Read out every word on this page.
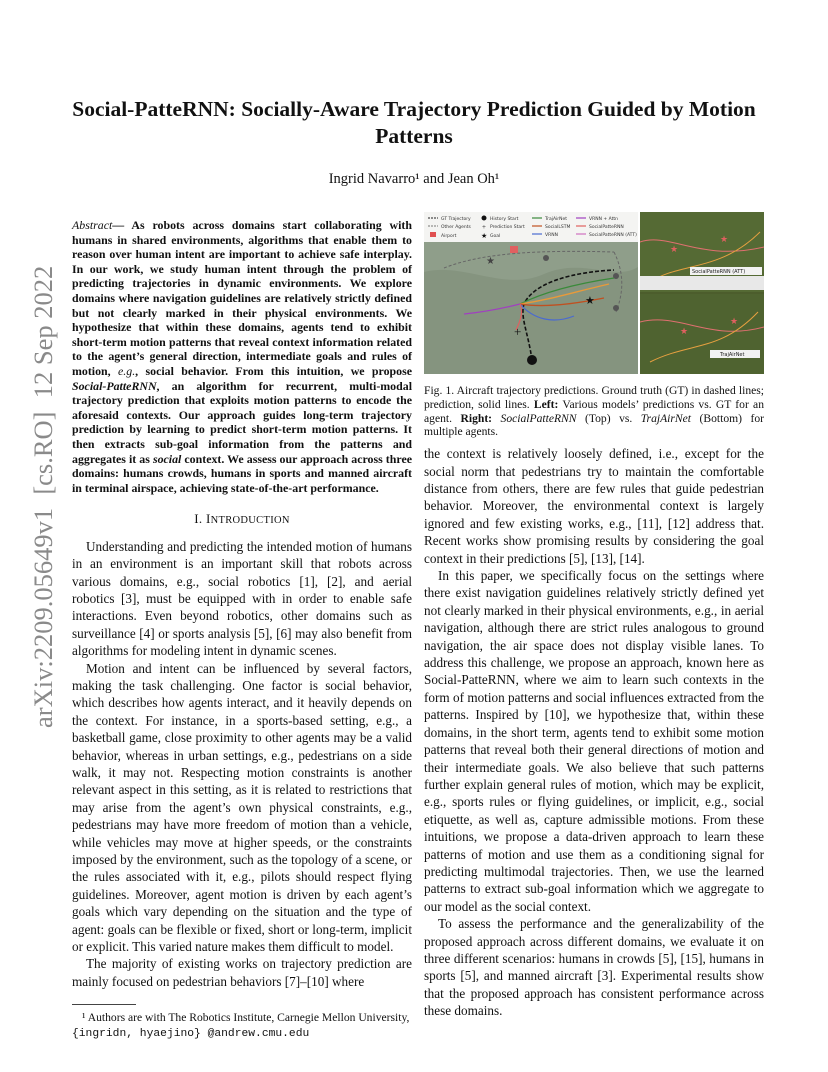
arXiv:2209.05649v1  [cs.RO]  12 Sep 2022
Social-PatteRNN: Socially-Aware Trajectory Prediction Guided by Motion Patterns
Ingrid Navarro¹ and Jean Oh¹

Abstract— As robots across domains start collaborating with humans in shared environments, algorithms that enable them to reason over human intent are important to achieve safe interplay. In our work, we study human intent through the problem of predicting trajectories in dynamic environments. We explore domains where navigation guidelines are relatively strictly defined but not clearly marked in their physical environments. We hypothesize that within these domains, agents tend to exhibit short-term motion patterns that reveal context information related to the agent’s general direction, intermediate goals and rules of motion, e.g., social behavior. From this intuition, we propose Social-PatteRNN, an algorithm for recurrent, multi-modal trajectory prediction that exploits motion patterns to encode the aforesaid contexts. Our approach guides long-term trajectory prediction by learning to predict short-term motion patterns. It then extracts sub-goal information from the patterns and aggregates it as social context. We assess our approach across three domains: humans crowds, humans in sports and manned aircraft in terminal airspace, achieving state-of-the-art performance.

I. INTRODUCTION

Understanding and predicting the intended motion of humans in an environment is an important skill that robots across various domains, e.g., social robotics [1], [2], and aerial robotics [3], must be equipped with in order to enable safe interactions. Even beyond robotics, other domains such as surveillance [4] or sports analysis [5], [6] may also benefit from algorithms for modeling intent in dynamic scenes.

Motion and intent can be influenced by several factors, making the task challenging. One factor is social behavior, which describes how agents interact, and it heavily depends on the context. For instance, in a sports-based setting, e.g., a basketball game, close proximity to other agents may be a valid behavior, whereas in urban settings, e.g., pedestrians on a side walk, it may not. Respecting motion constraints is another relevant aspect in this setting, as it is related to restrictions that may arise from the agent’s own physical constraints, e.g., pedestrians may have more freedom of motion than a vehicle, while vehicles may move at higher speeds, or the constraints imposed by the environment, such as the topology of a scene, or the rules associated with it, e.g., pilots should respect flying guidelines. Moreover, agent motion is driven by each agent’s goals which vary depending on the situation and the type of agent: goals can be flexible or fixed, short or long-term, implicit or explicit. This varied nature makes them difficult to model.

The majority of existing works on trajectory prediction are mainly focused on pedestrian behaviors [7]–[10] where

¹ Authors are with The Robotics Institute, Carnegie Mellon University,
{ingridn, hyaejino} @andrew.cmu.edu

GT Trajectory
Other Agents
Airport
History Start
+ Prediction Start
★ Goal
TrajAirNet
SocialLSTM
VRNN
VRNN + Attn
SocialPatteRNN
SocialPatteRNN (ATT)
+
★
★
SocialPatteRNN (ATT)
TrajAirNet
★
★
★
★

Fig. 1. Aircraft trajectory predictions. Ground truth (GT) in dashed lines; prediction, solid lines. Left: Various models’ predictions vs. GT for an agent. Right: SocialPatteRNN (Top) vs. TrajAirNet (Bottom) for multiple agents.

the context is relatively loosely defined, i.e., except for the social norm that pedestrians try to maintain the comfortable distance from others, there are few rules that guide pedestrian behavior. Moreover, the environmental context is largely ignored and few existing works, e.g., [11], [12] address that. Recent works show promising results by considering the goal context in their predictions [5], [13], [14].

In this paper, we specifically focus on the settings where there exist navigation guidelines relatively strictly defined yet not clearly marked in their physical environments, e.g., in aerial navigation, although there are strict rules analogous to ground navigation, the air space does not display visible lanes. To address this challenge, we propose an approach, known here as Social-PatteRNN, where we aim to learn such contexts in the form of motion patterns and social influences extracted from the patterns. Inspired by [10], we hypothesize that, within these domains, in the short term, agents tend to exhibit some motion patterns that reveal both their general directions of motion and their intermediate goals. We also believe that such patterns further explain general rules of motion, which may be explicit, e.g., sports rules or flying guidelines, or implicit, e.g., social etiquette, as well as, capture admissible motions. From these intuitions, we propose a data-driven approach to learn these patterns of motion and use them as a conditioning signal for predicting multimodal trajectories. Then, we use the learned patterns to extract sub-goal information which we aggregate to our model as the social context.

To assess the performance and the generalizability of the proposed approach across different domains, we evaluate it on three different scenarios: humans in crowds [5], [15], humans in sports [5], and manned aircraft [3]. Experimental results show that the proposed approach has consistent performance across these domains.
